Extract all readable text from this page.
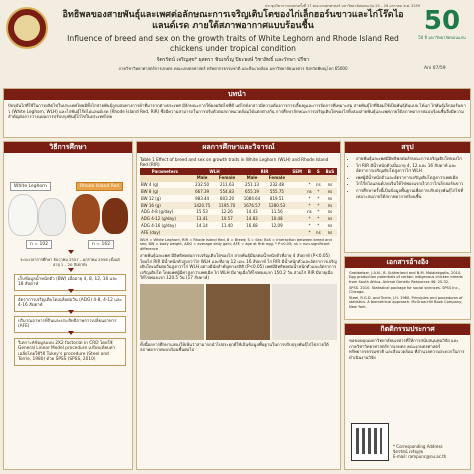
ประชุมวิชาการเกษตรครั้งที่ 17 คณะเกษตรศาสตร์ มหาวิทยาลัยขอนแก่น 25 – 26 มกราคม พ.ศ. 2559 50
50 ปี มหาวิทยาลัยขอนแก่น
Ani 07/59
อิทธิพลของสายพันธุ์และเพศต่อลักษณะการเจริญเติบโตของไก่เล็กฮอร์นขาวและไก่โร๊ดไอแลนด์เรด ภายใต้สภาพอากาศแบบร้อนชื้น
Influence of breed and sex on the growth traits of White Leghorn and Rhode Island Red chickens under tropical condition
จิตรรัตน์ เจริญสุข* ผุสตรา ชินเขร็ญ ปิยะพงษ์ วิชาสิทธิ์ และรักษา ปรีชา
ภาควิชาวิทยาศาสตร์การเกษตร คณะเกษตรศาสตร์ ทรัพยากรธรรมชาติ และสิ่งแวดล้อม มหาวิทยาลัยนเรศวร จังหวัดพิษณุโลก 65000
บทนำ
ปัจจุบันไก่ที่ใช้ในการผลิตไข่ในประเทศไทยมีทั้งไก่สายพันธุ์ลูกผสมทางการค้าที่มาจากต่างประเทศ มีลักษณะการให้ผลผลิตไข่ที่ดี แต่ไก่ดังกล่าวมีความต้องการการเลี้ยงดูและการจัดการที่เหมาะสม สายพันธุ์ไก่ที่นิยมใช้เป็นพันธุ์ต้นแบบ ได้แก่ ไก่พันธุ์เล็กฮอร์นขาว (White Leghorn, WLH) และไก่พันธุ์โร๊ดไอแลนด์เรด (Rhode Island Red, RIR) ซึ่งมีความสามารถในการปรับตัวต่อสภาพแวดล้อมได้แตกต่างกัน การศึกษาลักษณะการเจริญเติบโตของไก่ทั้งสองสายพันธุ์และเพศภายใต้สภาพอากาศแบบร้อนชื้นจึงมีความสำคัญต่อการวางแผนการปรับปรุงพันธุ์ไก่ไข่ในประเทศไทย
วิธีการศึกษา
White Leghorn	Rhode Island Red
n = 102	n = 162
ระยะเวลาการศึกษา ธันวาคม 2557 – มกราคม 2558 (ตั้งแต่อายุ 1 – 20 สัปดาห์)
เก็บข้อมูลน้ำหนักตัว (BW) เมื่ออายุ 4, 8, 12, 16 และ 18 สัปดาห์
อัตราการเจริญเติบโตเฉลี่ยต่อวัน (ADG) 4-8, 4-12 และ 4-16 สัปดาห์
ปริมาณอาหารที่กินและประสิทธิภาพการเปลี่ยนอาหาร (AFE)
วิเคราะห์ข้อมูลแบบ 2X2 factorial in CRD โดยใช้ General Linear Model procedure เปรียบเทียบค่าเฉลี่ยโดยใช้วิธี Tukey's procedure (Steel and Torrie, 1980) ด้วย SPSS (SPSS, 2010)
ผลการศึกษาและวิจารณ์
Table 1 Effect of breed and sex on growth traits in White Leghorn (WLH) and Rhode Island Red (RIR)
Parameters	WLH		RIR		SEM	B	S	BxS
	Male	Female	Male	Female				
BW 4 (g)	232.50	211.63	251.13	232.48		*	ns	ns
BW 8 (g)	667.39	554.83	655.19	555.75		ns	*	ns
BW 12 (g)	983.44	803.20	1084.64	819.51		*	*	ns
BW 16 (g)	1420.75	1195.70	1676.57	1280.53		*	*	ns
ADG 4-8 (g/day)	15.53	12.26	14.43	11.56		ns	*	ns
ADG 4-12 (g/day)	13.41	10.57	14.83	10.48		*	*	ns
ADG 4-16 (g/day)	14.14	11.40	16.68	12.09		*	*	ns
AFE (day)						*	ns	ns
WLH = White Leghorn, RIR = Rhode Island Red, B = Breed; S = Sex; BxS = interaction between breed and sex; BW = body weight, ADG = average daily gain; AFE = age at first egg; * P<0.05; ns = non-significant difference
สายพันธุ์และเพศ มีอิทธิพลต่อการเจริญเติบโตของไก่ สายพันธุ์มีผลต่อน้ำหนักตัวที่อายุ 4 สัปดาห์ (P<0.05) โดยไก่ RIR มีน้ำหนักตัวสูงกว่าไก่ WLH และที่อายุ 12 และ 16 สัปดาห์ ไก่ RIR มีน้ำหนักตัวและอัตราการเจริญเติบโตเฉลี่ยต่อวันสูงกว่าไก่ WLH อย่างมีนัยสำคัญทางสถิติ (P<0.05) เพศมีอิทธิพลต่อน้ำหนักตัวและอัตราการเจริญเติบโต โดยเพศผู้มีค่าสูงกว่าเพศเมีย ไก่ WLH มีอายุเมื่อให้ไข่ฟองแรก 150.2 วัน ส่วนไก่ RIR มีอายุเมื่อให้ไข่ฟองแรก 120.5 วัน (17 สัปดาห์)
ทั้งนี้ผลการศึกษาแสดงให้เห็นว่าสามารถนำไปประยุกต์ใช้เป็นข้อมูลพื้นฐานในการปรับปรุงพันธุ์ไก่ไข่ภายใต้สภาพอากาศแบบร้อนชื้นต่อไป
สรุป
• สายพันธุ์และเพศมีอิทธิพลต่อลักษณะการเจริญเติบโตของไก่
• ไก่ RIR มีน้ำหนักตัวเมื่ออายุ 4, 12 และ 16 สัปดาห์ และอัตราการเจริญเติบโตสูงกว่าไก่ WLH
• เพศผู้มีน้ำหนักตัวและอัตราการเจริญเติบโตสูงกว่าเพศเมีย
• ไก่โร๊ดไอแลนด์เรดเริ่มให้ไข่ฟองแรกเร็วกว่าไก่เล็กฮอร์นขาว
• การศึกษาครั้งนี้เป็นข้อมูลพื้นฐานเพื่อการปรับปรุงพันธุ์ไก่ไข่ที่เหมาะสมภายใต้สภาพอากาศร้อนชื้น
เอกสารอ้างอิง
Grobbelaar, J.A.N., B. Sutherland and N.M. Molalakgotla. 2010. Egg production potentials of certain indigenous chicken breeds from South Africa. Animal Genetic Resources 46: 25-32.
SPSS. 2010. Statistical package for social sciences. SPSS Inc., Chicago.
Steel, R.G.D. and Torrie, J.H. 1980. Principles and procedures of statistics. A biometrical approach. McGraw-Hill Book Company, New York.
กิตติกรรมประกาศ
ขอขอบคุณมหาวิทยาลัยนเรศวรที่ให้การสนับสนุนทุนวิจัย และภาควิชาวิทยาศาสตร์การเกษตร คณะเกษตรศาสตร์ ทรัพยากรธรรมชาติ และสิ่งแวดล้อม ที่อำนวยความสะดวกในการดำเนินงานวิจัย
* Corresponding Address
จิตรรัตน์ เจริญสุข
E-mail: rampunc@nu.ac.th
